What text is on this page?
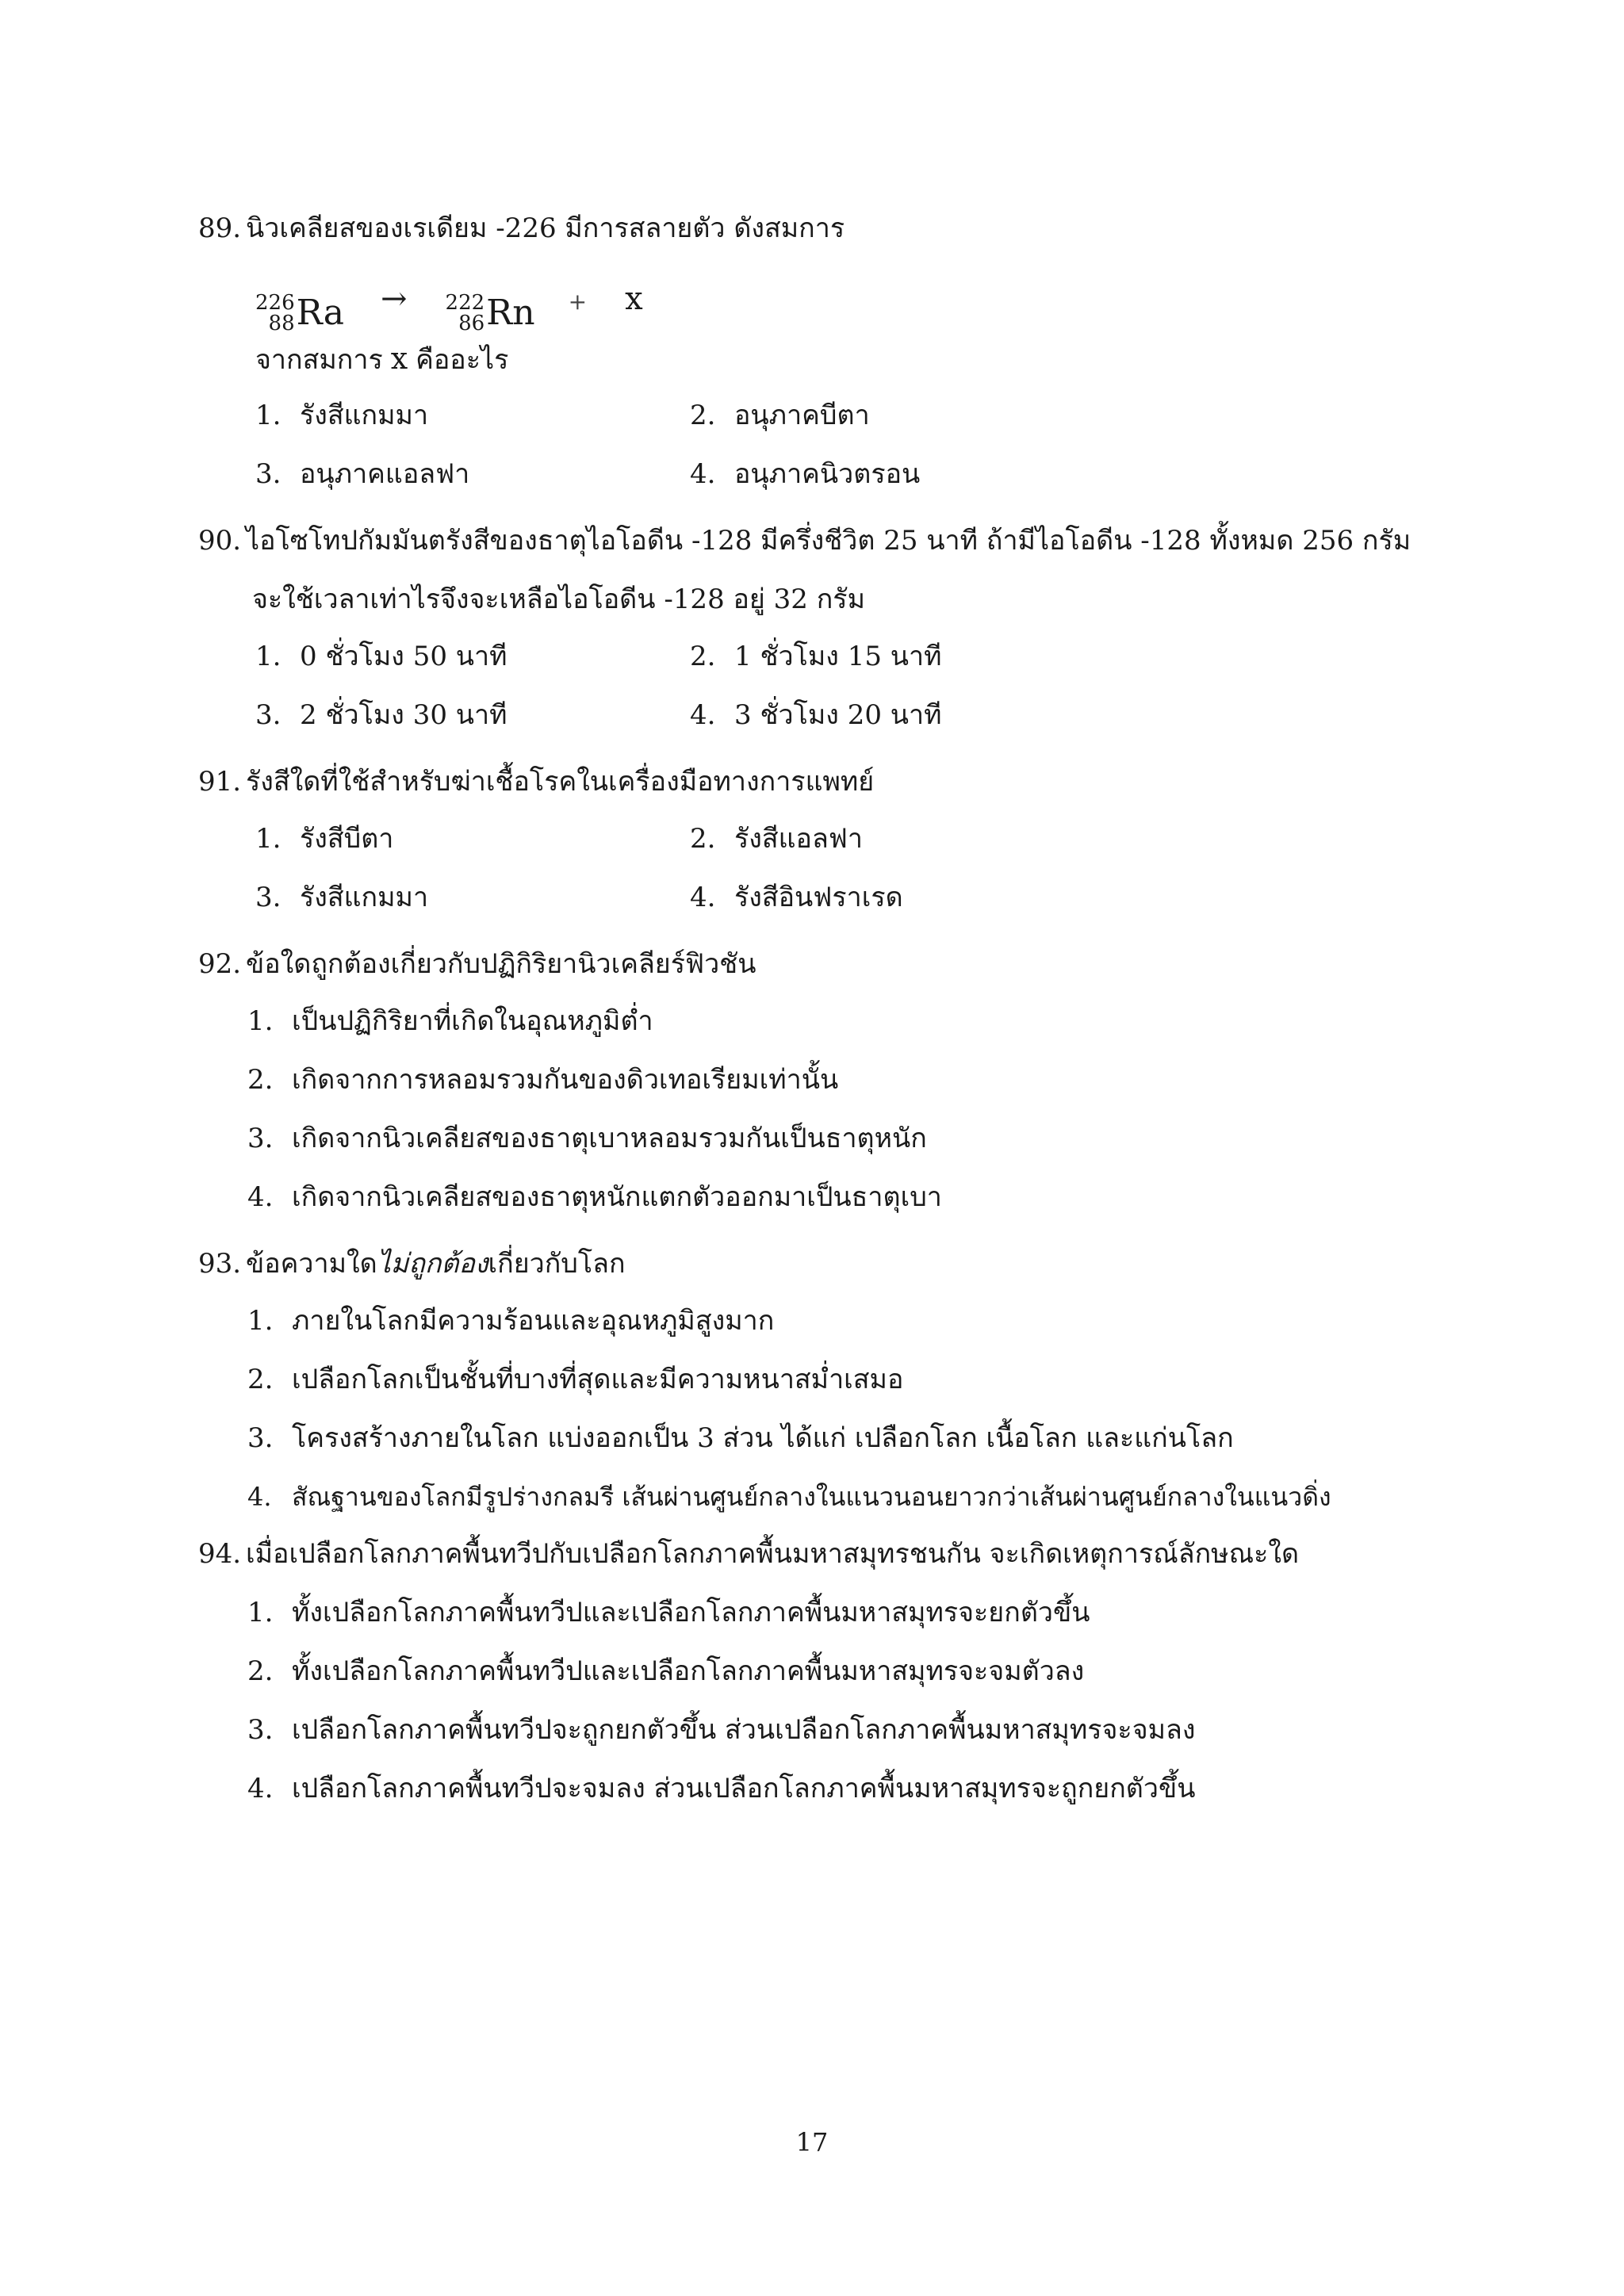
89. นิวเคลียสของเรเดียม -226 มีการสลายตัว ดังสมการ
226
88 Ra → 222
86 Rn + x
จากสมการ x คืออะไร
1. รังสีแกมมา	2. อนุภาคบีตา
3. อนุภาคแอลฟา	4. อนุภาคนิวตรอน
90. ไอโซโทปกัมมันตรังสีของธาตุไอโอดีน -128 มีครึ่งชีวิต 25 นาที ถ้ามีไอโอดีน -128 ทั้งหมด 256 กรัม
จะใช้เวลาเท่าไรจึงจะเหลือไอโอดีน -128 อยู่ 32 กรัม
1. 0 ชั่วโมง 50 นาที	2. 1 ชั่วโมง 15 นาที
3. 2 ชั่วโมง 30 นาที	4. 3 ชั่วโมง 20 นาที
91. รังสีใดที่ใช้สำหรับฆ่าเชื้อโรคในเครื่องมือทางการแพทย์
1. รังสีบีตา	2. รังสีแอลฟา
3. รังสีแกมมา	4. รังสีอินฟราเรด
92. ข้อใดถูกต้องเกี่ยวกับปฏิกิริยานิวเคลียร์ฟิวชัน
1. เป็นปฏิกิริยาที่เกิดในอุณหภูมิต่ำ
2. เกิดจากการหลอมรวมกันของดิวเทอเรียมเท่านั้น
3. เกิดจากนิวเคลียสของธาตุเบาหลอมรวมกันเป็นธาตุหนัก
4. เกิดจากนิวเคลียสของธาตุหนักแตกตัวออกมาเป็นธาตุเบา
93. ข้อความใดไม่ถูกต้องเกี่ยวกับโลก
1. ภายในโลกมีความร้อนและอุณหภูมิสูงมาก
2. เปลือกโลกเป็นชั้นที่บางที่สุดและมีความหนาสม่ำเสมอ
3. โครงสร้างภายในโลก แบ่งออกเป็น 3 ส่วน ได้แก่ เปลือกโลก เนื้อโลก และแก่นโลก
4. สัณฐานของโลกมีรูปร่างกลมรี เส้นผ่านศูนย์กลางในแนวนอนยาวกว่าเส้นผ่านศูนย์กลางในแนวดิ่ง
94. เมื่อเปลือกโลกภาคพื้นทวีปกับเปลือกโลกภาคพื้นมหาสมุทรชนกัน จะเกิดเหตุการณ์ลักษณะใด
1. ทั้งเปลือกโลกภาคพื้นทวีปและเปลือกโลกภาคพื้นมหาสมุทรจะยกตัวขึ้น
2. ทั้งเปลือกโลกภาคพื้นทวีปและเปลือกโลกภาคพื้นมหาสมุทรจะจมตัวลง
3. เปลือกโลกภาคพื้นทวีปจะถูกยกตัวขึ้น ส่วนเปลือกโลกภาคพื้นมหาสมุทรจะจมลง
4. เปลือกโลกภาคพื้นทวีปจะจมลง ส่วนเปลือกโลกภาคพื้นมหาสมุทรจะถูกยกตัวขึ้น
17
